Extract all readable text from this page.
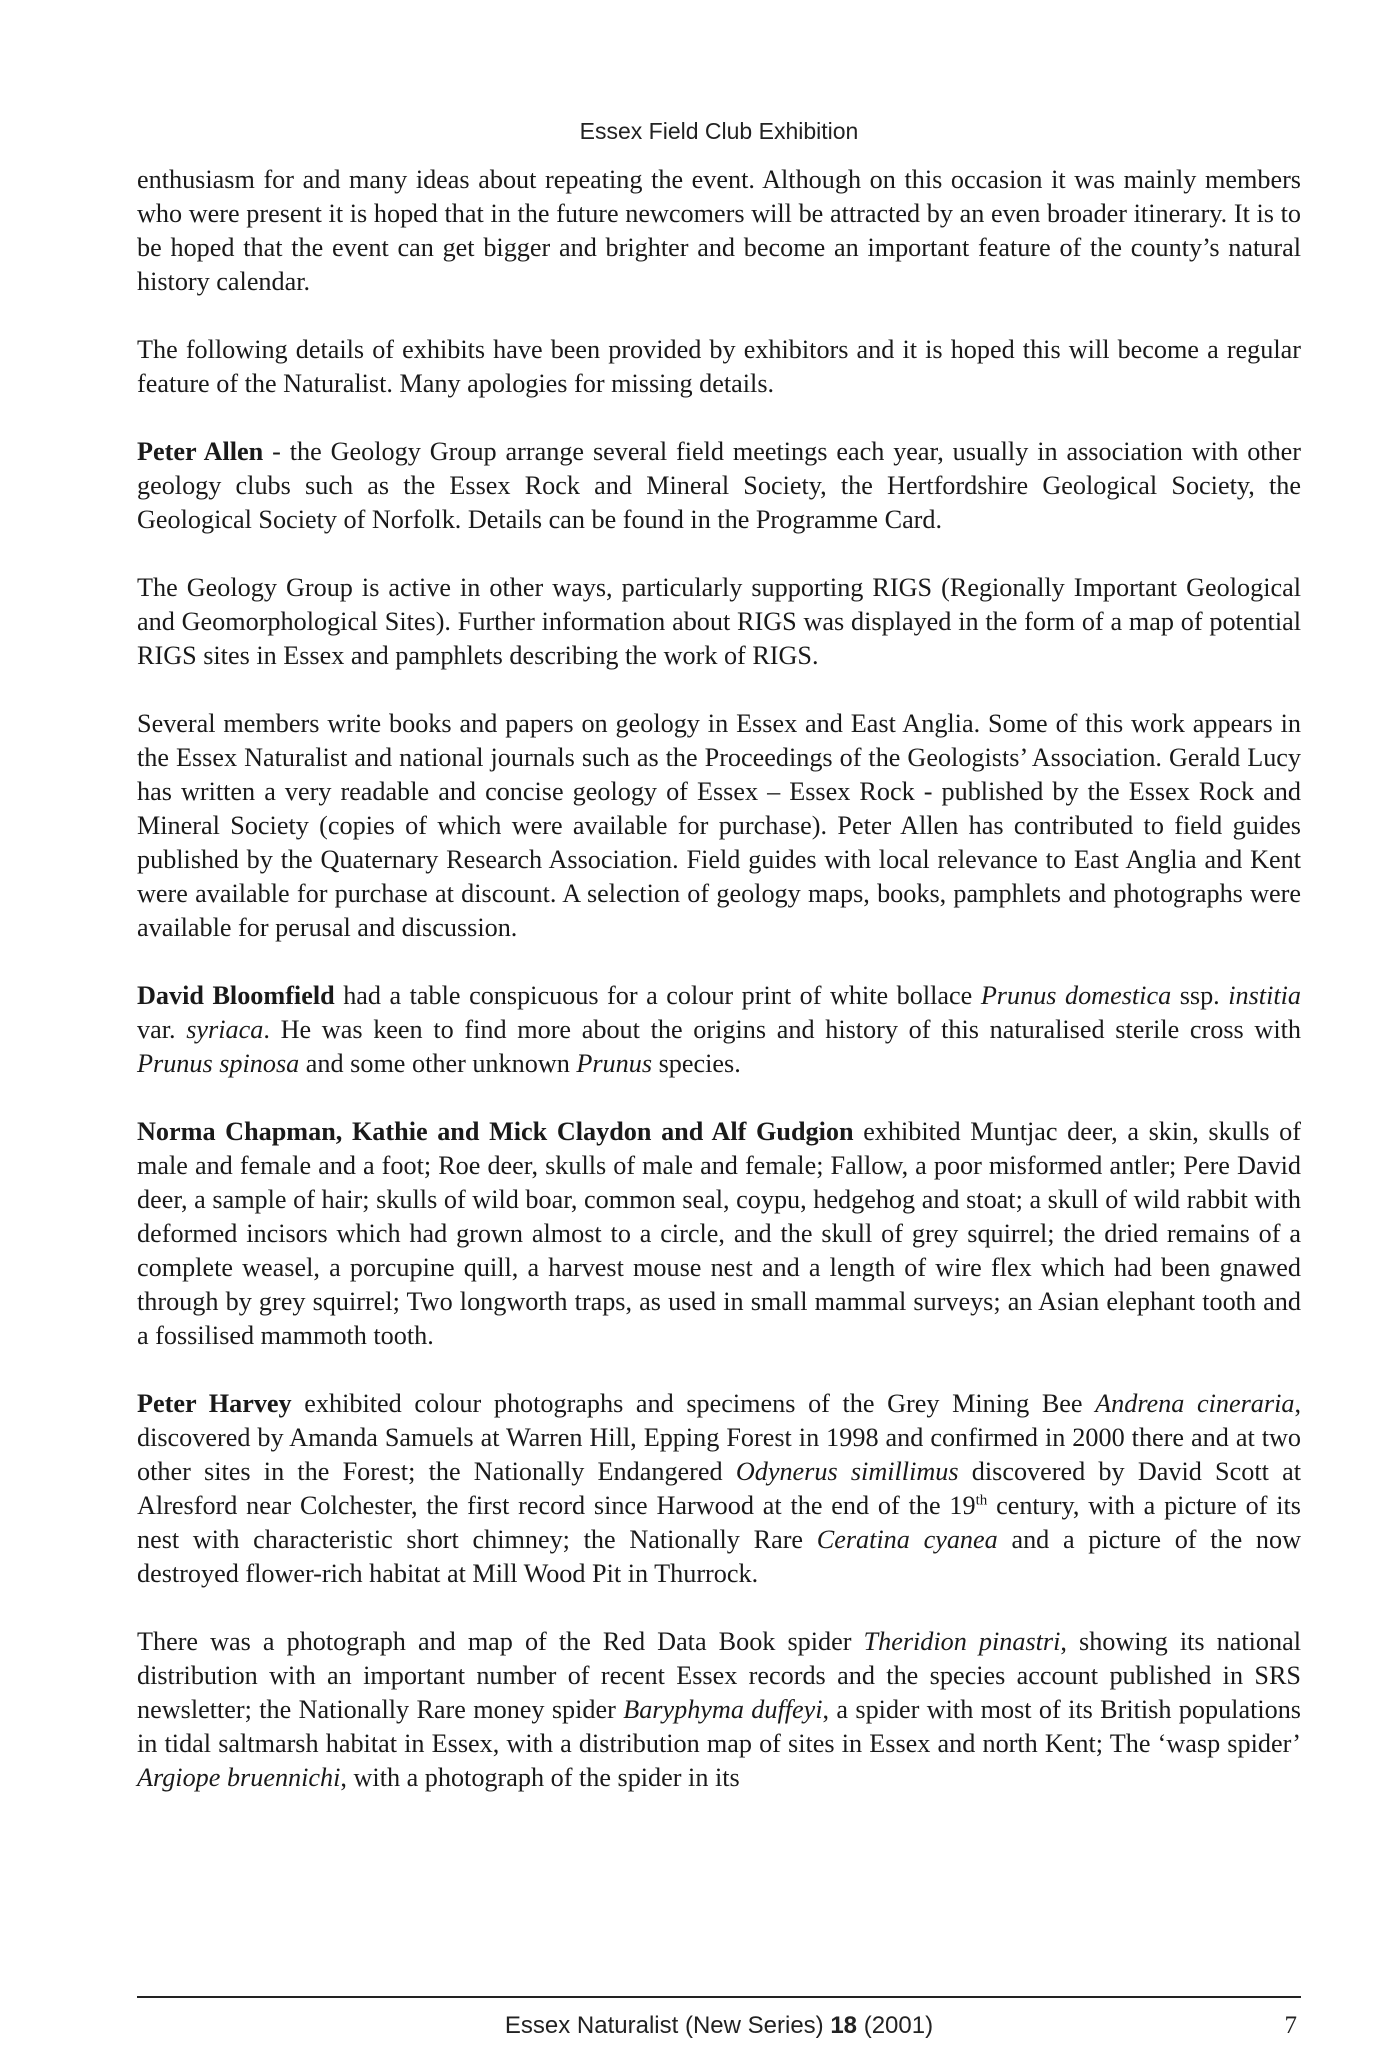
Essex Field Club Exhibition

enthusiasm for and many ideas about repeating the event. Although on this occasion it was mainly members who were present it is hoped that in the future newcomers will be attracted by an even broader itinerary. It is to be hoped that the event can get bigger and brighter and become an important feature of the county’s natural history calendar.

The following details of exhibits have been provided by exhibitors and it is hoped this will become a regular feature of the Naturalist. Many apologies for missing details.

Peter Allen - the Geology Group arrange several field meetings each year, usually in association with other geology clubs such as the Essex Rock and Mineral Society, the Hertfordshire Geological Society, the Geological Society of Norfolk. Details can be found in the Programme Card.

The Geology Group is active in other ways, particularly supporting RIGS (Regionally Important Geological and Geomorphological Sites). Further information about RIGS was displayed in the form of a map of potential RIGS sites in Essex and pamphlets describing the work of RIGS.

Several members write books and papers on geology in Essex and East Anglia. Some of this work appears in the Essex Naturalist and national journals such as the Proceedings of the Geologists’ Association. Gerald Lucy has written a very readable and concise geology of Essex – Essex Rock - published by the Essex Rock and Mineral Society (copies of which were available for purchase). Peter Allen has contributed to field guides published by the Quaternary Research Association. Field guides with local relevance to East Anglia and Kent were available for purchase at discount. A selection of geology maps, books, pamphlets and photographs were available for perusal and discussion.

David Bloomfield had a table conspicuous for a colour print of white bollace Prunus domestica ssp. institia var. syriaca. He was keen to find more about the origins and history of this naturalised sterile cross with Prunus spinosa and some other unknown Prunus species.

Norma Chapman, Kathie and Mick Claydon and Alf Gudgion exhibited Muntjac deer, a skin, skulls of male and female and a foot; Roe deer, skulls of male and female; Fallow, a poor misformed antler; Pere David deer, a sample of hair; skulls of wild boar, common seal, coypu, hedgehog and stoat; a skull of wild rabbit with deformed incisors which had grown almost to a circle, and the skull of grey squirrel; the dried remains of a complete weasel, a porcupine quill, a harvest mouse nest and a length of wire flex which had been gnawed through by grey squirrel; Two longworth traps, as used in small mammal surveys; an Asian elephant tooth and a fossilised mammoth tooth.

Peter Harvey exhibited colour photographs and specimens of the Grey Mining Bee Andrena cineraria, discovered by Amanda Samuels at Warren Hill, Epping Forest in 1998 and confirmed in 2000 there and at two other sites in the Forest; the Nationally Endangered Odynerus simillimus discovered by David Scott at Alresford near Colchester, the first record since Harwood at the end of the 19th century, with a picture of its nest with characteristic short chimney; the Nationally Rare Ceratina cyanea and a picture of the now destroyed flower-rich habitat at Mill Wood Pit in Thurrock.

There was a photograph and map of the Red Data Book spider Theridion pinastri, showing its national distribution with an important number of recent Essex records and the species account published in SRS newsletter; the Nationally Rare money spider Baryphyma duffeyi, a spider with most of its British populations in tidal saltmarsh habitat in Essex, with a distribution map of sites in Essex and north Kent; The ‘wasp spider’ Argiope bruennichi, with a photograph of the spider in its

Essex Naturalist (New Series) 18 (2001)	7
